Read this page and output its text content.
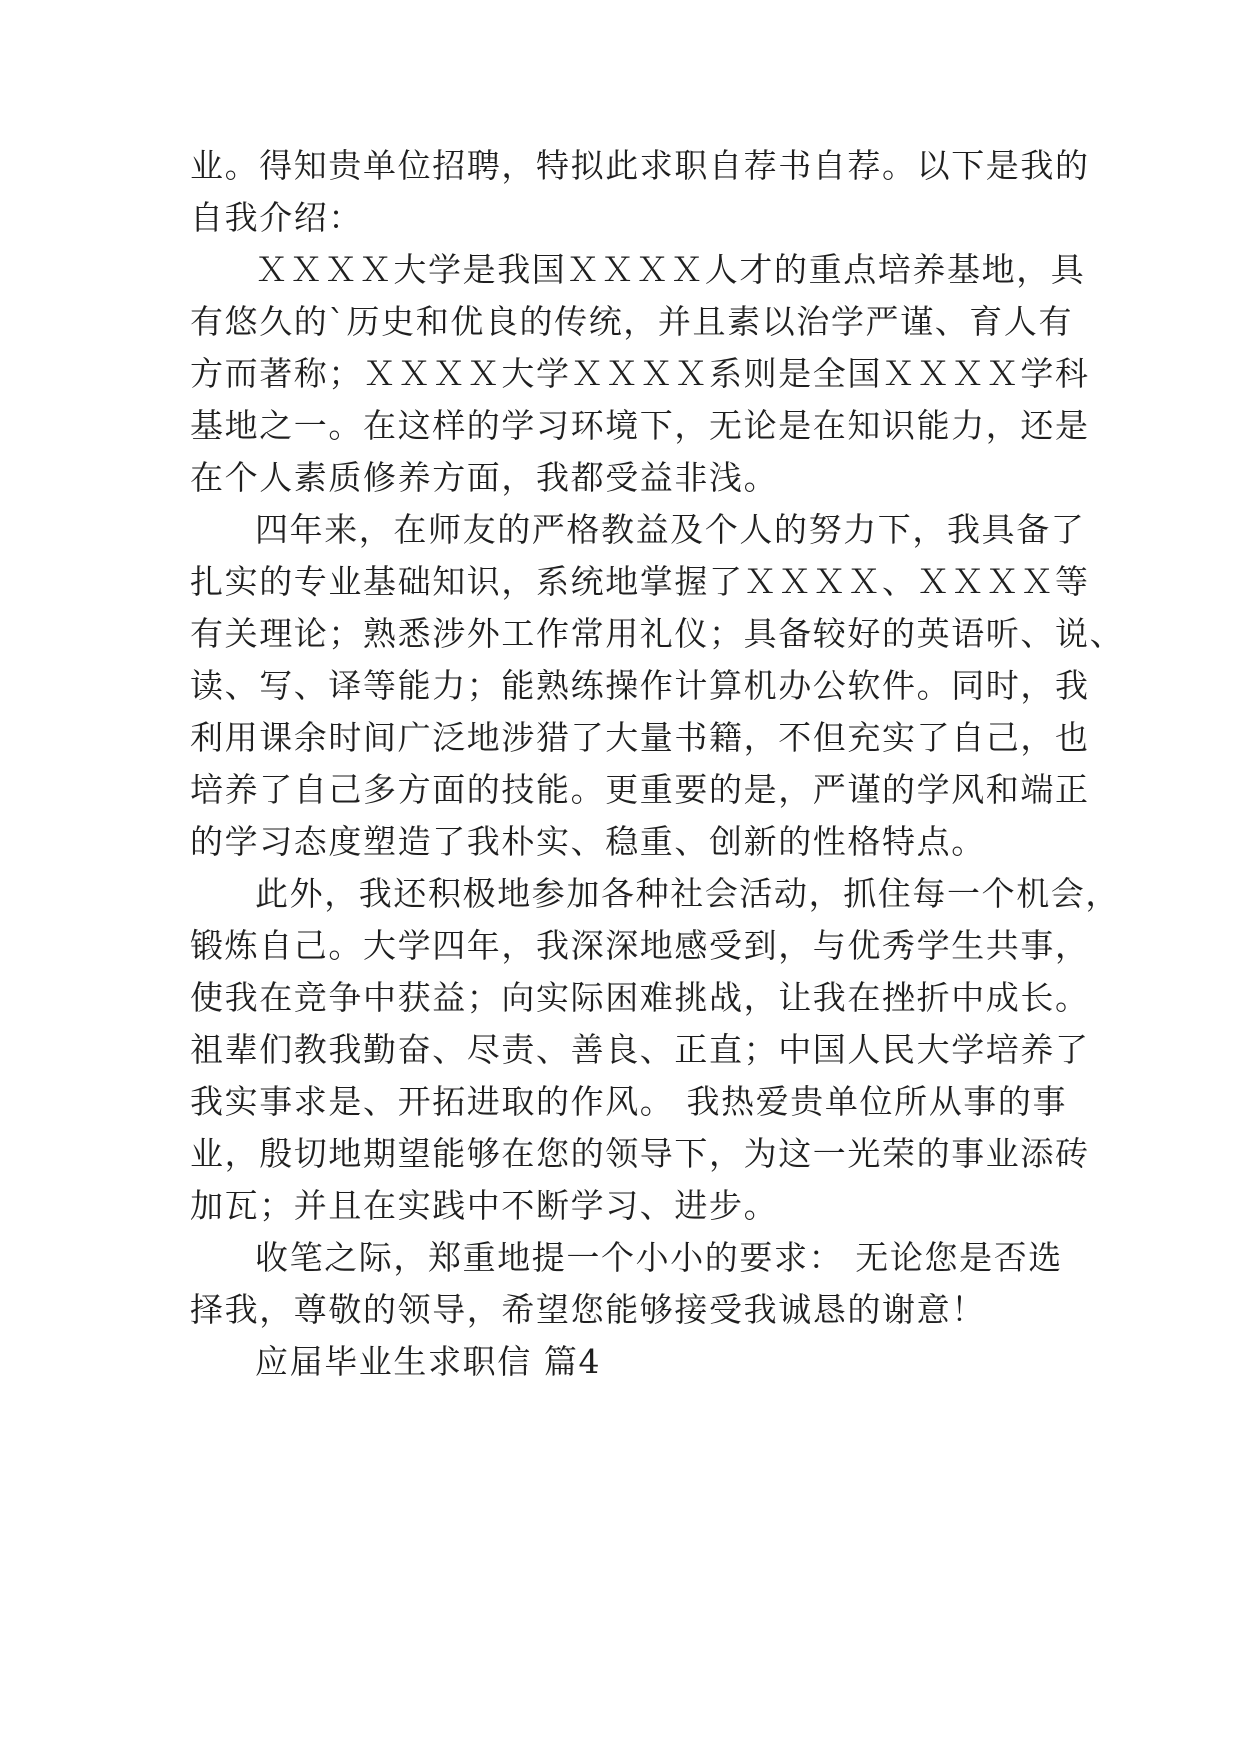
业。得知贵单位招聘，特拟此求职自荐书自荐。以下是我的
自我介绍：
ＸＸＸＸ大学是我国ＸＸＸＸ人才的重点培养基地，具
有悠久的`历史和优良的传统，并且素以治学严谨、育人有
方而著称；ＸＸＸＸ大学ＸＸＸＸ系则是全国ＸＸＸＸ学科
基地之一。在这样的学习环境下，无论是在知识能力，还是
在个人素质修养方面，我都受益非浅。
四年来，在师友的严格教益及个人的努力下，我具备了
扎实的专业基础知识，系统地掌握了ＸＸＸＸ、ＸＸＸＸ等
有关理论；熟悉涉外工作常用礼仪；具备较好的英语听、说、
读、写、译等能力；能熟练操作计算机办公软件。同时，我
利用课余时间广泛地涉猎了大量书籍，不但充实了自己，也
培养了自己多方面的技能。更重要的是，严谨的学风和端正
的学习态度塑造了我朴实、稳重、创新的性格特点。
此外，我还积极地参加各种社会活动，抓住每一个机会，
锻炼自己。大学四年，我深深地感受到，与优秀学生共事，
使我在竞争中获益；向实际困难挑战，让我在挫折中成长。
祖辈们教我勤奋、尽责、善良、正直；中国人民大学培养了
我实事求是、开拓进取的作风。 我热爱贵单位所从事的事
业，殷切地期望能够在您的领导下，为这一光荣的事业添砖
加瓦；并且在实践中不断学习、进步。
收笔之际，郑重地提一个小小的要求： 无论您是否选
择我，尊敬的领导，希望您能够接受我诚恳的谢意！
应届毕业生求职信 篇4
